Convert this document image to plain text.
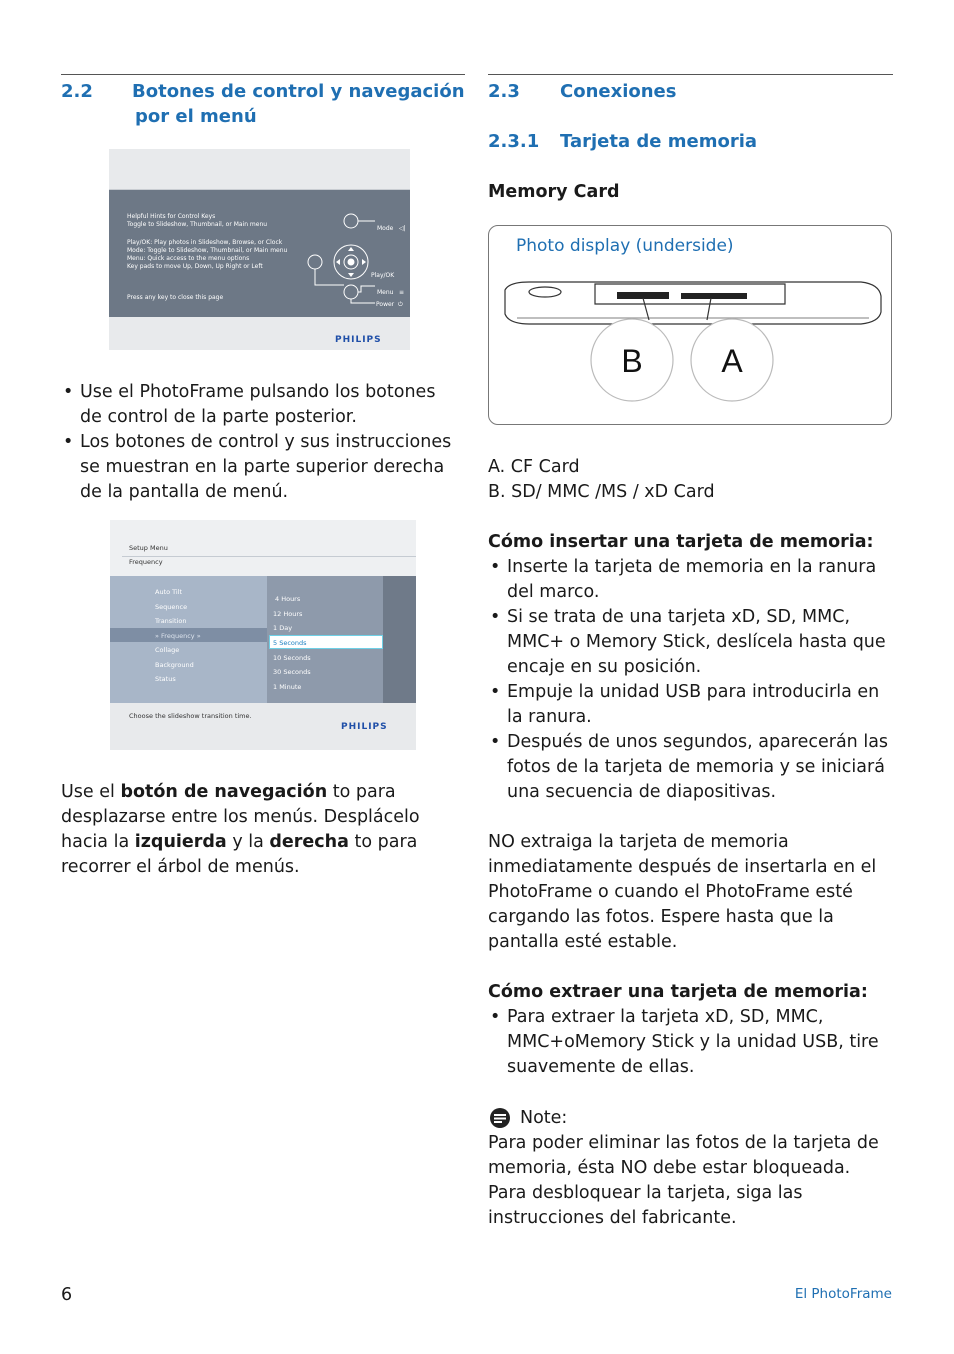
2.2 Botones de control y navegación
por el menú
Helpful Hints for Control Keys
Toggle to Slideshow, Thumbnail, or Main menu
Play/OK: Play photos in Slideshow, Browse, or Clock
Mode: Toggle to Slideshow, Thumbnail, or Main menu
Menu: Quick access to the menu options
Key pads to move Up, Down, Up Right or Left
Press any key to close this page
Mode ◁|
Play/OK
Menu ≡
Power ⏻
PHILIPS
• Use el PhotoFrame pulsando los botones de control de la parte posterior.
• Los botones de control y sus instrucciones se muestran en la parte superior derecha de la pantalla de menú.
Setup Menu
Frequency
Auto Tilt
Sequence
Transition
» Frequency »
Collage
Background
Status
4 Hours
12 Hours
1 Day
5 Seconds
10 Seconds
30 Seconds
1 Minute
Choose the slideshow transition time.
PHILIPS
Use el botón de navegación to para desplazarse entre los menús. Desplácelo hacia la izquierda y la derecha to para recorrer el árbol de menús.
2.3 Conexiones
2.3.1 Tarjeta de memoria
Memory Card
Photo display (underside)
B A
A. CF Card
B. SD/ MMC /MS / xD Card
Cómo insertar una tarjeta de memoria:
• Inserte la tarjeta de memoria en la ranura del marco.
• Si se trata de una tarjeta xD, SD, MMC, MMC+ o Memory Stick, deslícela hasta que encaje en su posición.
• Empuje la unidad USB para introducirla en la ranura.
• Después de unos segundos, aparecerán las fotos de la tarjeta de memoria y se iniciará una secuencia de diapositivas.
NO extraiga la tarjeta de memoria inmediatamente después de insertarla en el PhotoFrame o cuando el PhotoFrame esté cargando las fotos. Espere hasta que la pantalla esté estable.
Cómo extraer una tarjeta de memoria:
• Para extraer la tarjeta xD, SD, MMC, MMC+oMemory Stick y la unidad USB, tire suavemente de ellas.
Note:
Para poder eliminar las fotos de la tarjeta de memoria, ésta NO debe estar bloqueada. Para desbloquear la tarjeta, siga las instrucciones del fabricante.
6	El PhotoFrame
